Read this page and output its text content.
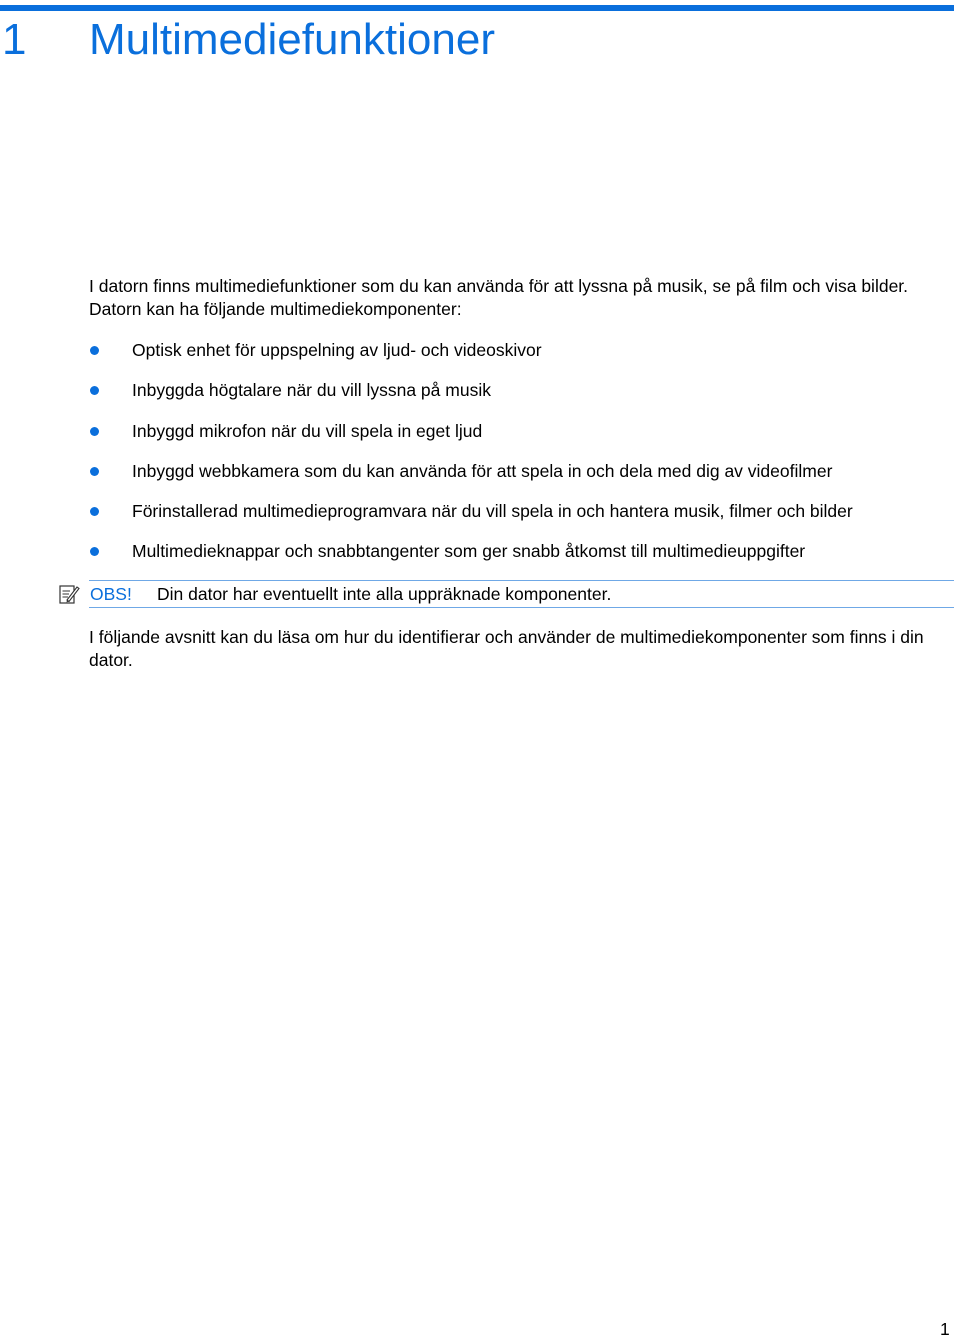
1 Multimediefunktioner

I datorn finns multimediefunktioner som du kan använda för att lyssna på musik, se på film och visa bilder. Datorn kan ha följande multimediekomponenter:

Optisk enhet för uppspelning av ljud- och videoskivor
Inbyggda högtalare när du vill lyssna på musik
Inbyggd mikrofon när du vill spela in eget ljud
Inbyggd webbkamera som du kan använda för att spela in och dela med dig av videofilmer
Förinstallerad multimedieprogramvara när du vill spela in och hantera musik, filmer och bilder
Multimedieknappar och snabbtangenter som ger snabb åtkomst till multimedieuppgifter
OBS! Din dator har eventuellt inte alla uppräknade komponenter.

I följande avsnitt kan du läsa om hur du identifierar och använder de multimediekomponenter som finns i din dator.

1
